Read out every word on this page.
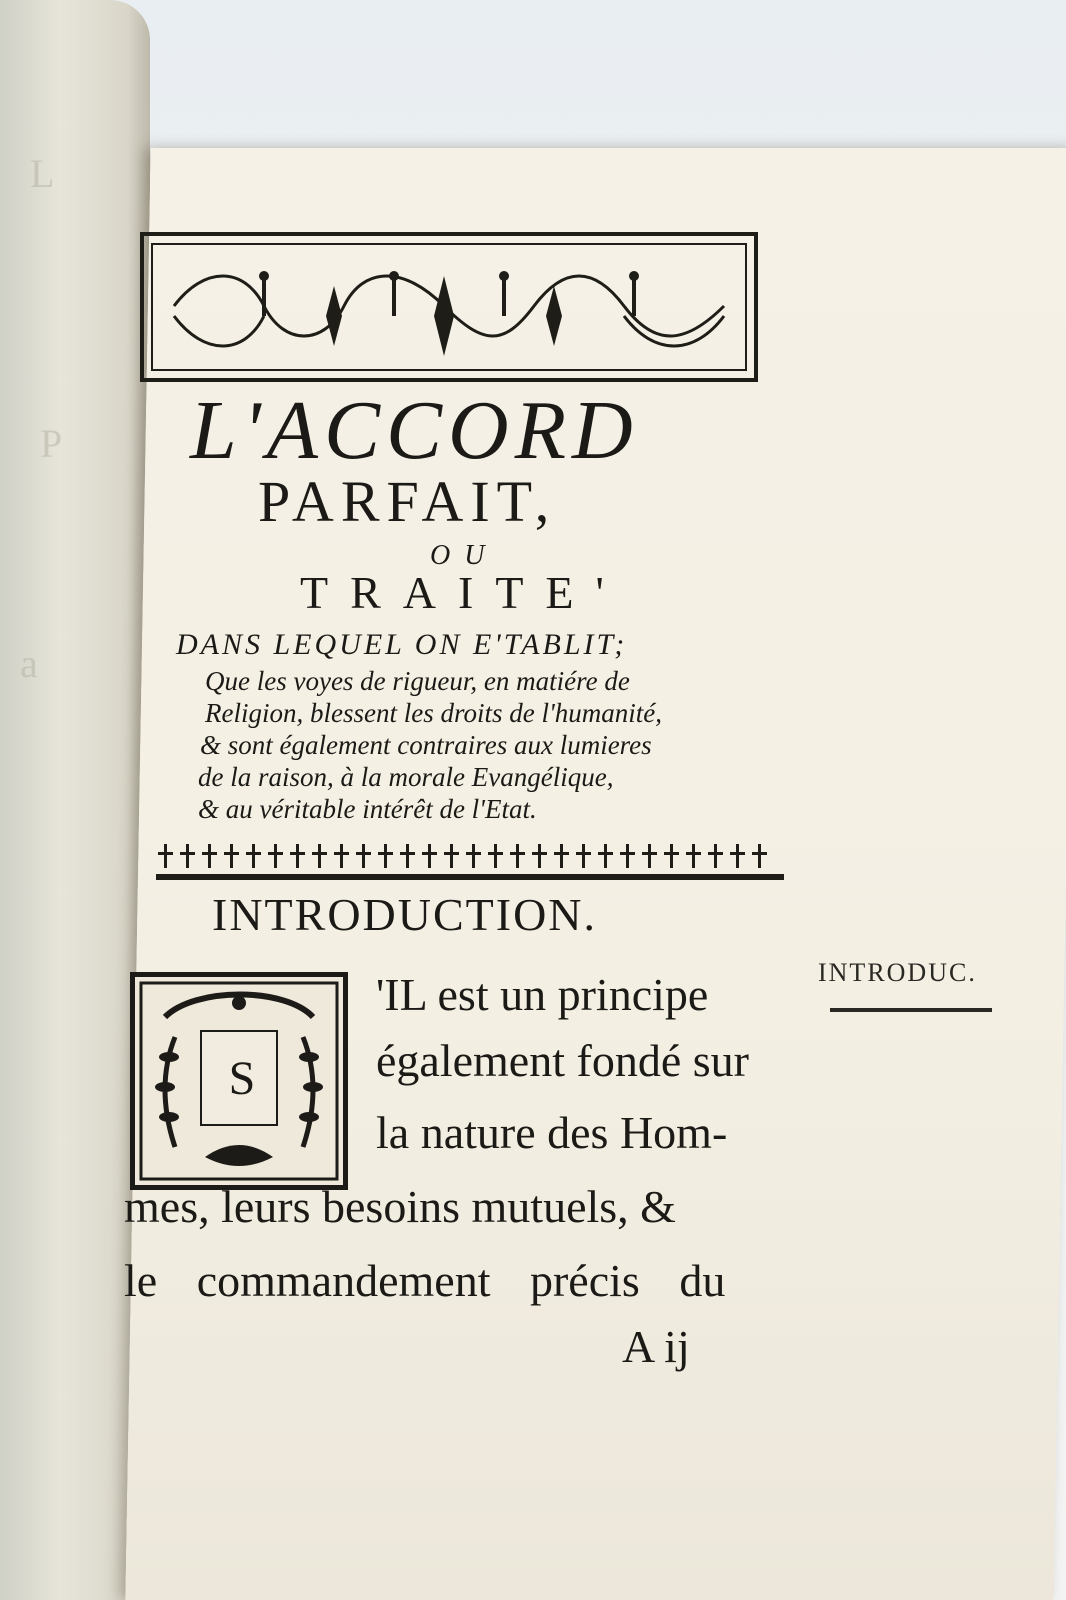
L
P
a
L'ACCORD
PARFAIT,
OU
TRAITE'
DANS LEQUEL ON E'TABLIT;
Que les voyes de rigueur, en matiére de
Religion, blessent les droits de l'humanité,
& sont également contraires aux lumieres
de la raison, à la morale Evangélique,
& au véritable intérêt de l'Etat.
INTRODUCTION.
S
'IL est un principe
également fondé sur
la nature des Hom-
mes, leurs besoins mutuels, &
le commandement précis du
A ij
INTRODUC.
